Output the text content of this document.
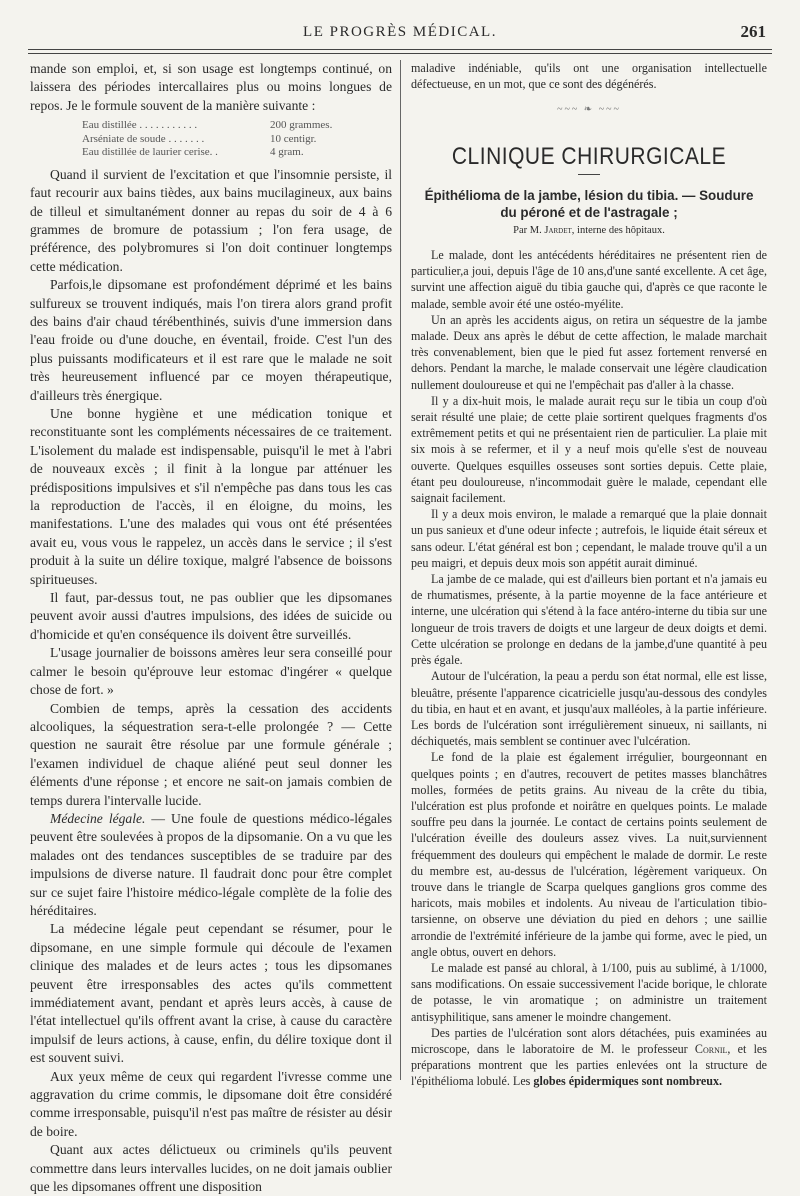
LE PROGRÈS MÉDICAL.	261

mande son emploi, et, si son usage est longtemps continué, on laissera des périodes intercallaires plus ou moins longues de repos. Je le formule souvent de la manière suivante :

Eau distillée . . . . . . . . . . .	200 grammes.
Arséniate de soude . . . . . . .	10 centigr.
Eau distillée de laurier cerise. .	4 gram.

Quand il survient de l'excitation et que l'insomnie persiste, il faut recourir aux bains tièdes, aux bains mucilagineux, aux bains de tilleul et simultanément donner au repas du soir de 4 à 6 grammes de bromure de potassium ; l'on fera usage, de préférence, des polybromures si l'on doit continuer longtemps cette médication.

Parfois,le dipsomane est profondément déprimé et les bains sulfureux se trouvent indiqués, mais l'on tirera alors grand profit des bains d'air chaud térébenthinés, suivis d'une immersion dans l'eau froide ou d'une douche, en éventail, froide. C'est l'un des plus puissants modificateurs et il est rare que le malade ne soit très heureusement influencé par ce moyen thérapeutique, d'ailleurs très énergique.

Une bonne hygiène et une médication tonique et reconstituante sont les compléments nécessaires de ce traitement. L'isolement du malade est indispensable, puisqu'il le met à l'abri de nouveaux excès ; il finit à la longue par atténuer les prédispositions impulsives et s'il n'empêche pas dans tous les cas la reproduction de l'accès, il en éloigne, du moins, les manifestations. L'une des malades qui vous ont été présentées avait eu, vous vous le rappelez, un accès dans le service ; il s'est produit à la suite un délire toxique, malgré l'absence de boissons spiritueuses.

Il faut, par-dessus tout, ne pas oublier que les dipsomanes peuvent avoir aussi d'autres impulsions, des idées de suicide ou d'homicide et qu'en conséquence ils doivent être surveillés.

L'usage journalier de boissons amères leur sera conseillé pour calmer le besoin qu'éprouve leur estomac d'ingérer « quelque chose de fort. »

Combien de temps, après la cessation des accidents alcooliques, la séquestration sera-t-elle prolongée ? — Cette question ne saurait être résolue par une formule générale ; l'examen individuel de chaque aliéné peut seul donner les éléments d'une réponse ; et encore ne sait-on jamais combien de temps durera l'intervalle lucide.

Médecine légale. — Une foule de questions médico-légales peuvent être soulevées à propos de la dipsomanie. On a vu que les malades ont des tendances susceptibles de se traduire par des impulsions de diverse nature. Il faudrait donc pour être complet sur ce sujet faire l'histoire médico-légale complète de la folie des héréditaires.

La médecine légale peut cependant se résumer, pour le dipsomane, en une simple formule qui découle de l'examen clinique des malades et de leurs actes ; tous les dipsomanes peuvent être irresponsables des actes qu'ils commettent immédiatement avant, pendant et après leurs accès, à cause de l'état intellectuel qu'ils offrent avant la crise, à cause du caractère impulsif de leurs actions, à cause, enfin, du délire toxique dont il est souvent suivi.

Aux yeux même de ceux qui regardent l'ivresse comme une aggravation du crime commis, le dipsomane doit être considéré comme irresponsable, puisqu'il n'est pas maître de résister au désir de boire.

Quant aux actes délictueux ou criminels qu'ils peuvent commettre dans leurs intervalles lucides, on ne doit jamais oublier que les dipsomanes offrent une disposition

maladive indéniable, qu'ils ont une organisation intellectuelle défectueuse, en un mot, que ce sont des dégénérés.

~~~ ❧ ~~~
CLINIQUE CHIRURGICALE
Épithélioma de la jambe, lésion du tibia. — Soudure du péroné et de l'astragale ;
Par M. Jardet, interne des hôpitaux.

Le malade, dont les antécédents héréditaires ne présentent rien de particulier,a joui, depuis l'âge de 10 ans,d'une santé excellente. A cet âge, survint une affection aiguë du tibia gauche qui, d'après ce que raconte le malade, semble avoir été une ostéo-myélite.

Un an après les accidents aigus, on retira un séquestre de la jambe malade. Deux ans après le début de cette affection, le malade marchait très convenablement, bien que le pied fut assez fortement renversé en dehors. Pendant la marche, le malade conservait une légère claudication nullement douloureuse et qui ne l'empêchait pas d'aller à la chasse.

Il y a dix-huit mois, le malade aurait reçu sur le tibia un coup d'où serait résulté une plaie; de cette plaie sortirent quelques fragments d'os extrêmement petits et qui ne présentaient rien de particulier. La plaie mit six mois à se refermer, et il y a neuf mois qu'elle s'est de nouveau ouverte. Quelques esquilles osseuses sont sorties depuis. Cette plaie, étant peu douloureuse, n'incommodait guère le malade, cependant elle saignait facilement.

Il y a deux mois environ, le malade a remarqué que la plaie donnait un pus sanieux et d'une odeur infecte ; autrefois, le liquide était séreux et sans odeur. L'état général est bon ; cependant, le malade trouve qu'il a un peu maigri, et depuis deux mois son appétit aurait diminué.

La jambe de ce malade, qui est d'ailleurs bien portant et n'a jamais eu de rhumatismes, présente, à la partie moyenne de la face antérieure et interne, une ulcération qui s'étend à la face antéro-interne du tibia sur une longueur de trois travers de doigts et une largeur de deux doigts et demi. Cette ulcération se prolonge en dedans de la jambe,d'une quantité à peu près égale.

Autour de l'ulcération, la peau a perdu son état normal, elle est lisse, bleuâtre, présente l'apparence cicatricielle jusqu'au-dessous des condyles du tibia, en haut et en avant, et jusqu'aux malléoles, à la partie inférieure. Les bords de l'ulcération sont irrégulièrement sinueux, ni saillants, ni déchiquetés, mais semblent se continuer avec l'ulcération.

Le fond de la plaie est également irrégulier, bourgeonnant en quelques points ; en d'autres, recouvert de petites masses blanchâtres molles, formées de petits grains. Au niveau de la crête du tibia, l'ulcération est plus profonde et noirâtre en quelques points. Le malade souffre peu dans la journée. Le contact de certains points seulement de l'ulcération éveille des douleurs assez vives. La nuit,surviennent fréquemment des douleurs qui empêchent le malade de dormir. Le reste du membre est, au-dessus de l'ulcération, légèrement variqueux. On trouve dans le triangle de Scarpa quelques ganglions gros comme des haricots, mais mobiles et indolents. Au niveau de l'articulation tibio-tarsienne, on observe une déviation du pied en dehors ; une saillie arrondie de l'extrémité inférieure de la jambe qui forme, avec le pied, un angle obtus, ouvert en dehors.

Le malade est pansé au chloral, à 1/100, puis au sublimé, à 1/1000, sans modifications. On essaie successivement l'acide borique, le chlorate de potasse, le vin aromatique ; on administre un traitement antisyphilitique, sans amener le moindre changement.

Des parties de l'ulcération sont alors détachées, puis examinées au microscope, dans le laboratoire de M. le professeur Cornil, et les préparations montrent que les parties enlevées ont la structure de l'épithélioma lobulé. Les globes épidermiques sont nombreux.
